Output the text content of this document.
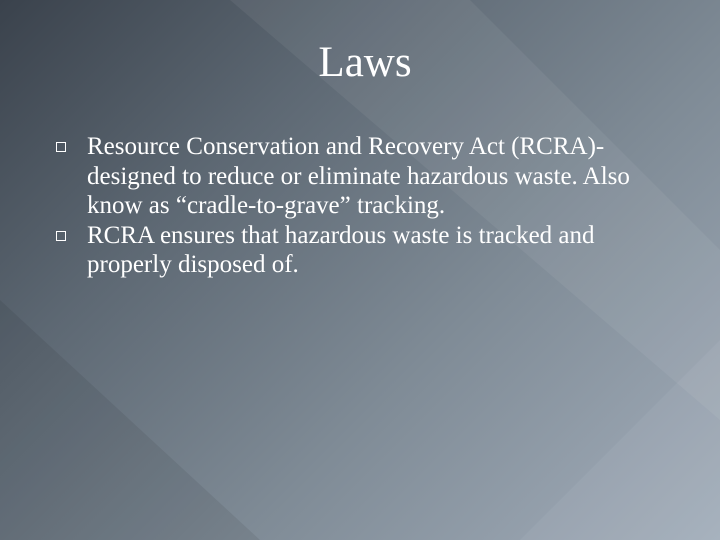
Laws
Resource Conservation and Recovery Act (RCRA)-designed to reduce or eliminate hazardous waste. Also know as “cradle-to-grave” tracking.
RCRA ensures that hazardous waste is tracked and properly disposed of.
